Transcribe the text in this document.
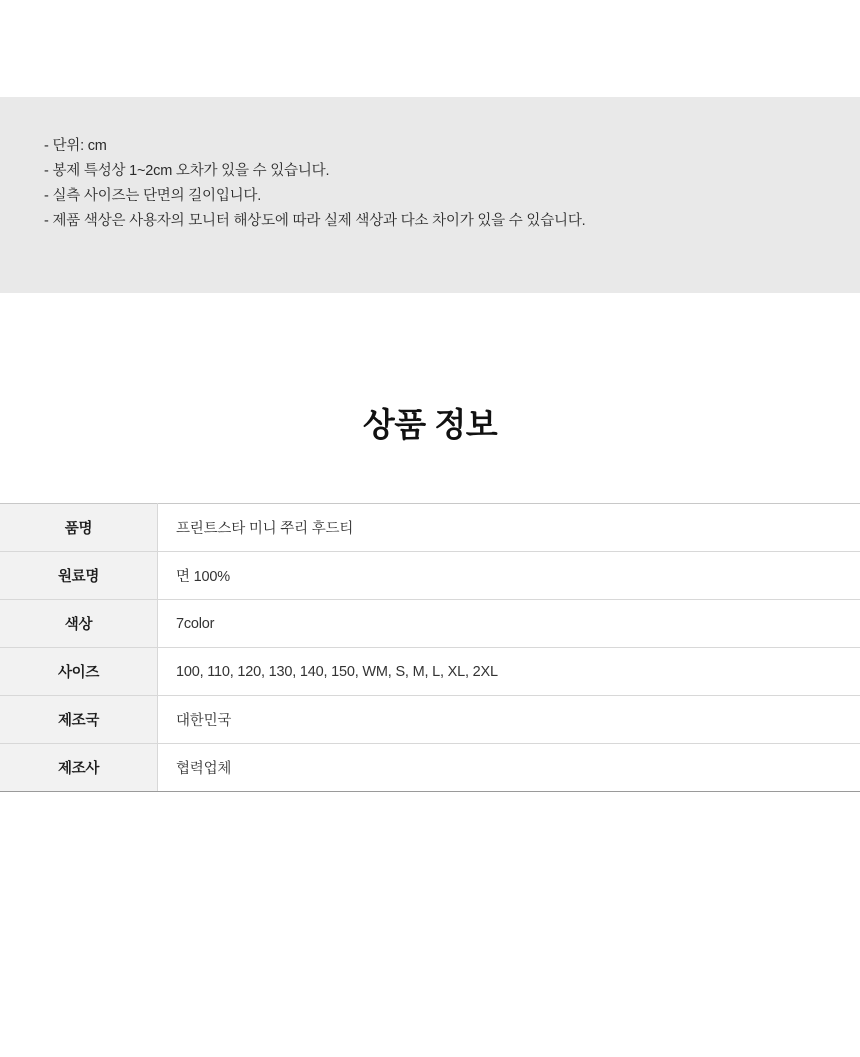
- 단위: cm
- 봉제 특성상 1~2cm 오차가 있을 수 있습니다.
- 실측 사이즈는 단면의 길이입니다.
- 제품 색상은 사용자의 모니터 해상도에 따라 실제 색상과 다소 차이가 있을 수 있습니다.
상품 정보
품명	프린트스타 미니 쭈리 후드티
원료명	면 100%
색상	7color
사이즈	100, 110, 120, 130, 140, 150, WM, S, M, L, XL, 2XL
제조국	대한민국
제조사	협력업체
